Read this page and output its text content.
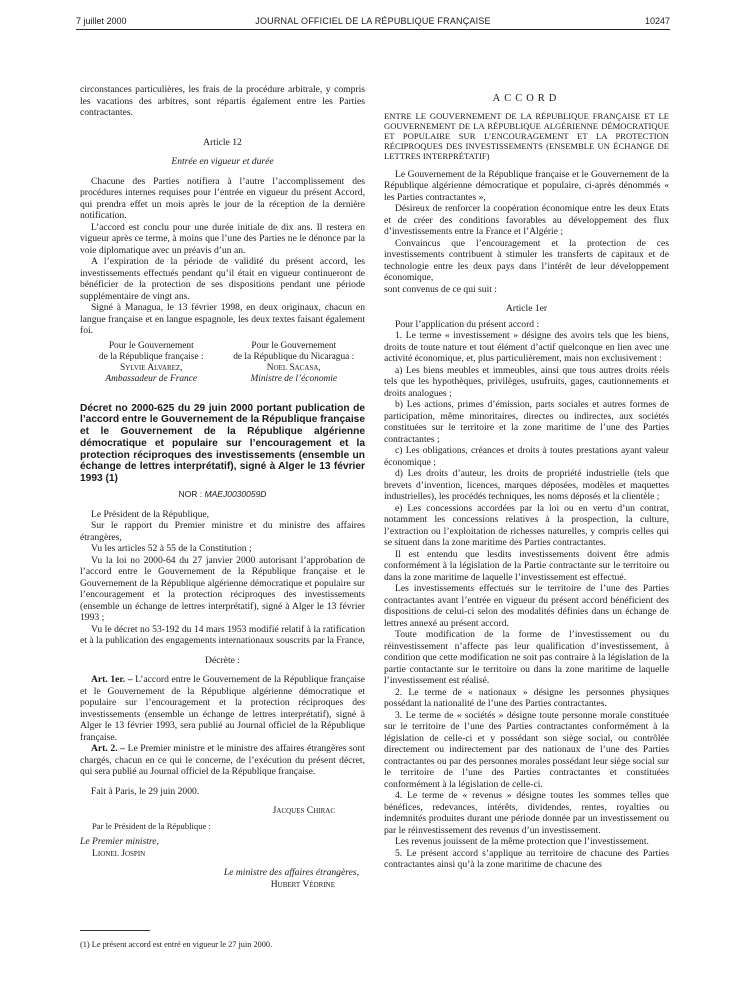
7 juillet 2000	JOURNAL OFFICIEL DE LA RÉPUBLIQUE FRANÇAISE	10247

circonstances particulières, les frais de la procédure arbitrale, y compris les vacations des arbitres, sont répartis également entre les Parties contractantes.

Article 12

Entrée en vigueur et durée

Chacune des Parties notifiera à l’autre l’accomplissement des procédures internes requises pour l’entrée en vigueur du présent Accord, qui prendra effet un mois après le jour de la réception de la dernière notification.

L’accord est conclu pour une durée initiale de dix ans. Il restera en vigueur après ce terme, à moins que l’une des Parties ne le dénonce par la voie diplomatique avec un préavis d’un an.

A l’expiration de la période de validité du présent accord, les investissements effectués pendant qu’il était en vigueur continueront de bénéficier de la protection de ses dispositions pendant une période supplémentaire de vingt ans.

Signé à Managua, le 13 février 1998, en deux originaux, chacun en langue française et en langue espagnole, les deux textes faisant également foi.

Pour le Gouvernement
de la République française :
Sylvie Alvarez,
Ambassadeur de France
Pour le Gouvernement
de la République du Nicaragua :
Noel Sacasa,
Ministre de l’économie

Décret no 2000-625 du 29 juin 2000 portant publication de l’accord entre le Gouvernement de la République française et le Gouvernement de la République algérienne démocratique et populaire sur l’encouragement et la protection réciproques des investissements (ensemble un échange de lettres interprétatif), signé à Alger le 13 février 1993 (1)

NOR : MAEJ0030059D

Le Président de la République,

Sur le rapport du Premier ministre et du ministre des affaires étrangères,

Vu les articles 52 à 55 de la Constitution ;

Vu la loi no 2000-64 du 27 janvier 2000 autorisant l’approbation de l’accord entre le Gouvernement de la République française et le Gouvernement de la République algérienne démocratique et populaire sur l’encouragement et la protection réciproques des investissements (ensemble un échange de lettres interprétatif), signé à Alger le 13 février 1993 ;

Vu le décret no 53-192 du 14 mars 1953 modifié relatif à la ratification et à la publication des engagements internationaux souscrits par la France,

Décrète :

Art. 1er. – L’accord entre le Gouvernement de la République française et le Gouvernement de la République algérienne démocratique et populaire sur l’encouragement et la protection réciproques des investissements (ensemble un échange de lettres interprétatif), signé à Alger le 13 février 1993, sera publié au Journal officiel de la République française.

Art. 2. – Le Premier ministre et le ministre des affaires étrangères sont chargés, chacun en ce qui le concerne, de l’exécution du présent décret, qui sera publié au Journal officiel de la République française.

Fait à Paris, le 29 juin 2000.

Jacques Chirac

Par le Président de la République :

Le Premier ministre,

Lionel Jospin

Le ministre des affaires étrangères,

Hubert Védrine

(1) Le présent accord est entré en vigueur le 27 juin 2000.
ACCORD

ENTRE LE GOUVERNEMENT DE LA RÉPUBLIQUE FRANÇAISE ET LE GOUVERNEMENT DE LA RÉPUBLIQUE ALGÉRIENNE DÉMOCRATIQUE ET POPULAIRE SUR L’ENCOURAGEMENT ET LA PROTECTION RÉCIPROQUES DES INVESTISSEMENTS (ENSEMBLE UN ÉCHANGE DE LETTRES INTERPRÉTATIF)

Le Gouvernement de la République française et le Gouvernement de la République algérienne démocratique et populaire, ci-après dénommés « les Parties contractantes »,

Désireux de renforcer la coopération économique entre les deux Etats et de créer des conditions favorables au développement des flux d’investissements entre la France et l’Algérie ;

Convaincus que l’encouragement et la protection de ces investissements contribuent à stimuler les transferts de capitaux et de technologie entre les deux pays dans l’intérêt de leur développement économique,

sont convenus de ce qui suit :

Article 1er

Pour l’application du présent accord :

1. Le terme « investissement » désigne des avoirs tels que les biens, droits de toute nature et tout élément d’actif quelconque en lien avec une activité économique, et, plus particulièrement, mais non exclusivement :

a) Les biens meubles et immeubles, ainsi que tous autres droits réels tels que les hypothèques, privilèges, usufruits, gages, cautionnements et droits analogues ;

b) Les actions, primes d’émission, parts sociales et autres formes de participation, même minoritaires, directes ou indirectes, aux sociétés constituées sur le territoire et la zone maritime de l’une des Parties contractantes ;

c) Les obligations, créances et droits à toutes prestations ayant valeur économique ;

d) Les droits d’auteur, les droits de propriété industrielle (tels que brevets d’invention, licences, marques déposées, modèles et maquettes industrielles), les procédés techniques, les noms déposés et la clientèle ;

e) Les concessions accordées par la loi ou en vertu d’un contrat, notamment les concessions relatives à la prospection, la culture, l’extraction ou l’exploitation de richesses naturelles, y compris celles qui se situent dans la zone maritime des Parties contractantes.

Il est entendu que lesdits investissements doivent être admis conformément à la législation de la Partie contractante sur le territoire ou dans la zone maritime de laquelle l’investissement est effectué.

Les investissements effectués sur le territoire de l’une des Parties contractantes avant l’entrée en vigueur du présent accord bénéficient des dispositions de celui-ci selon des modalités définies dans un échange de lettres annexé au présent accord.

Toute modification de la forme de l’investissement ou du réinvestissement n’affecte pas leur qualification d’investissement, à condition que cette modification ne soit pas contraire à la législation de la partie contactante sur le territoire ou dans la zone maritime de laquelle l’investissement est réalisé.

2. Le terme de « nationaux » désigne les personnes physiques possédant la nationalité de l’une des Parties contractantes.

3. Le terme de « sociétés » désigne toute personne morale constituée sur le territoire de l’une des Parties contractantes conformément à la législation de celle-ci et y possédant son siège social, ou contrôlée directement ou indirectement par des nationaux de l’une des Parties contractantes ou par des personnes morales possédant leur siège social sur le territoire de l’une des Parties contractantes et constituées conformément à la législation de celle-ci.

4. Le terme de « revenus » désigne toutes les sommes telles que bénéfices, redevances, intérêts, dividendes, rentes, royalties ou indemnités produites durant une période donnée par un investissement ou par le réinvestissement des revenus d’un investissement.

Les revenus jouissent de la même protection que l’investissement.

5. Le présent accord s’applique au territoire de chacune des Parties contractantes ainsi qu’à la zone maritime de chacune des
